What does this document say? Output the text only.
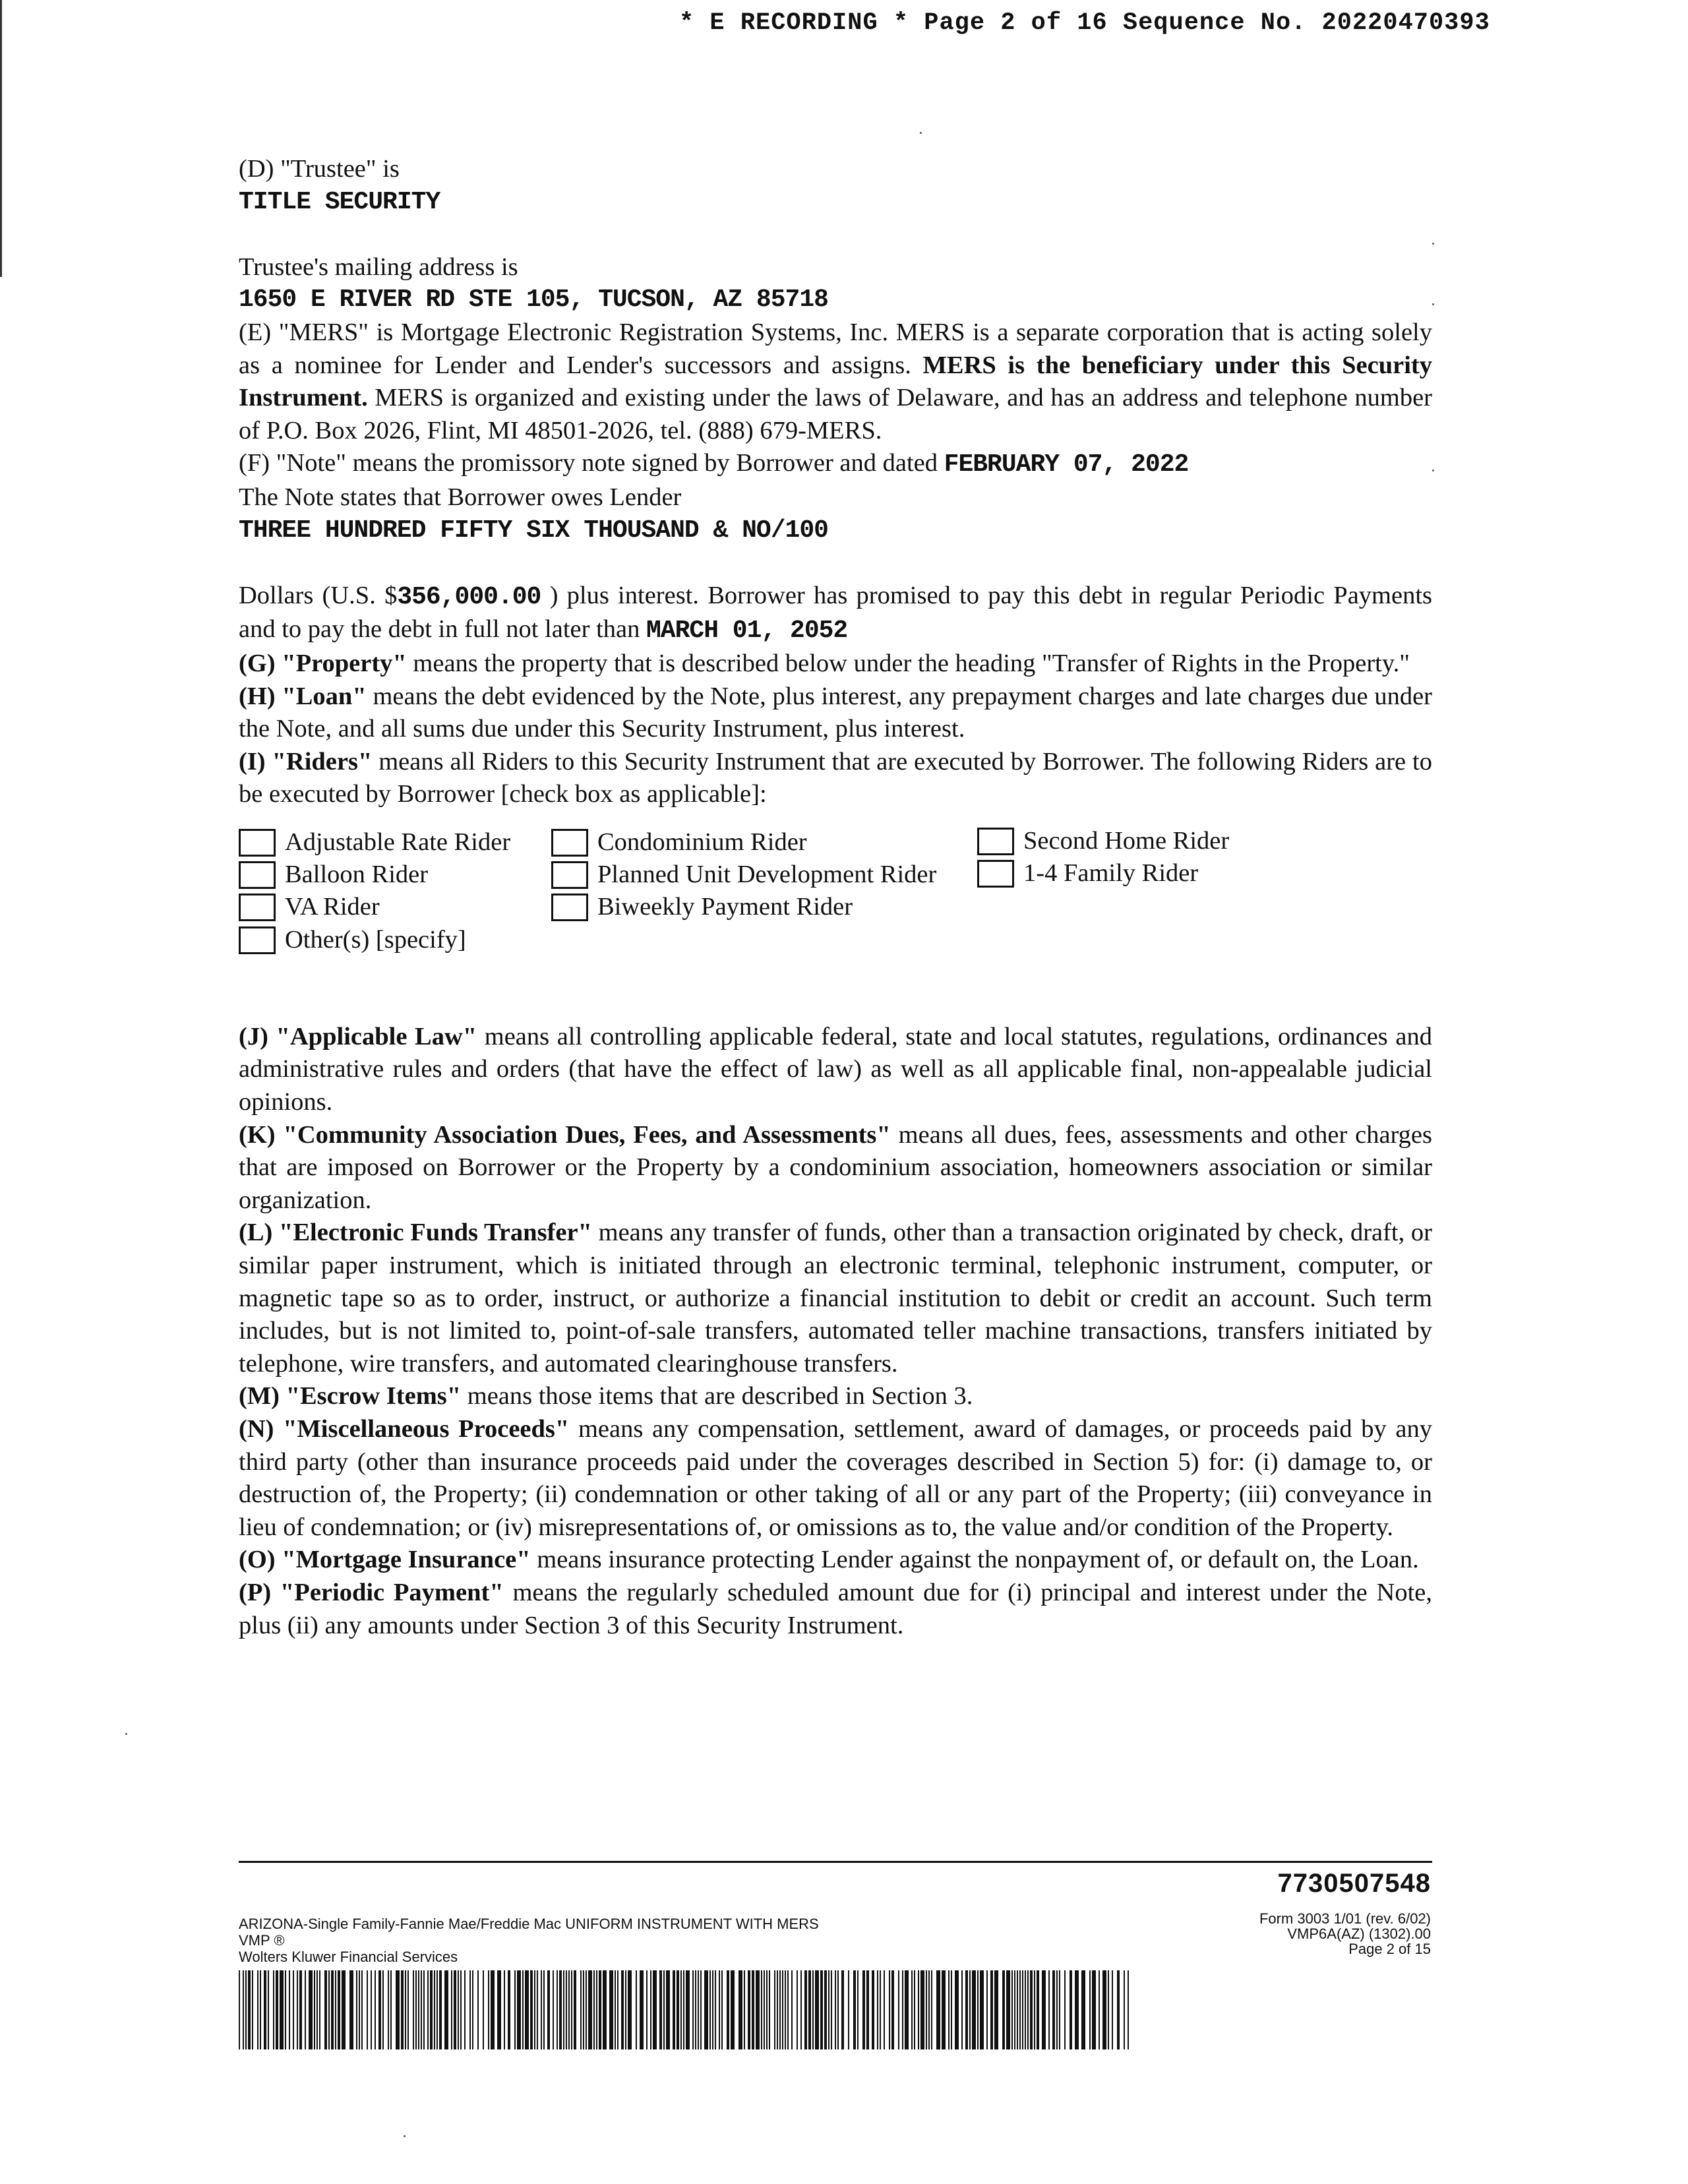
* E RECORDING * Page 2 of 16 Sequence No. 20220470393

(D) "Trustee" is

TITLE SECURITY

Trustee's mailing address is

1650 E RIVER RD STE 105, TUCSON, AZ 85718

(E) "MERS" is Mortgage Electronic Registration Systems, Inc. MERS is a separate corporation that is acting solely as a nominee for Lender and Lender's successors and assigns. MERS is the beneficiary under this Security Instrument. MERS is organized and existing under the laws of Delaware, and has an address and telephone number of P.O. Box 2026, Flint, MI 48501-2026, tel. (888) 679-MERS.

(F) "Note" means the promissory note signed by Borrower and dated FEBRUARY 07, 2022

The Note states that Borrower owes Lender

THREE HUNDRED FIFTY SIX THOUSAND & NO/100

Dollars (U.S. $356,000.00 ) plus interest. Borrower has promised to pay this debt in regular Periodic Payments and to pay the debt in full not later than MARCH 01, 2052

(G) "Property" means the property that is described below under the heading "Transfer of Rights in the Property."

(H) "Loan" means the debt evidenced by the Note, plus interest, any prepayment charges and late charges due under the Note, and all sums due under this Security Instrument, plus interest.

(I) "Riders" means all Riders to this Security Instrument that are executed by Borrower. The following Riders are to be executed by Borrower [check box as applicable]:

Adjustable Rate Rider	Condominium Rider	Second Home Rider
Balloon Rider	Planned Unit Development Rider	1-4 Family Rider
VA Rider	Biweekly Payment Rider
Other(s) [specify]

(J) "Applicable Law" means all controlling applicable federal, state and local statutes, regulations, ordinances and administrative rules and orders (that have the effect of law) as well as all applicable final, non-appealable judicial opinions.

(K) "Community Association Dues, Fees, and Assessments" means all dues, fees, assessments and other charges that are imposed on Borrower or the Property by a condominium association, homeowners association or similar organization.

(L) "Electronic Funds Transfer" means any transfer of funds, other than a transaction originated by check, draft, or similar paper instrument, which is initiated through an electronic terminal, telephonic instrument, computer, or magnetic tape so as to order, instruct, or authorize a financial institution to debit or credit an account. Such term includes, but is not limited to, point-of-sale transfers, automated teller machine transactions, transfers initiated by telephone, wire transfers, and automated clearinghouse transfers.

(M) "Escrow Items" means those items that are described in Section 3.

(N) "Miscellaneous Proceeds" means any compensation, settlement, award of damages, or proceeds paid by any third party (other than insurance proceeds paid under the coverages described in Section 5) for: (i) damage to, or destruction of, the Property; (ii) condemnation or other taking of all or any part of the Property; (iii) conveyance in lieu of condemnation; or (iv) misrepresentations of, or omissions as to, the value and/or condition of the Property.

(O) "Mortgage Insurance" means insurance protecting Lender against the nonpayment of, or default on, the Loan.

(P) "Periodic Payment" means the regularly scheduled amount due for (i) principal and interest under the Note, plus (ii) any amounts under Section 3 of this Security Instrument.

7730507548
ARIZONA-Single Family-Fannie Mae/Freddie Mac UNIFORM INSTRUMENT WITH MERS
VMP ®
Wolters Kluwer Financial Services
Form 3003 1/01 (rev. 6/02)
VMP6A(AZ) (1302).00
Page 2 of 15
